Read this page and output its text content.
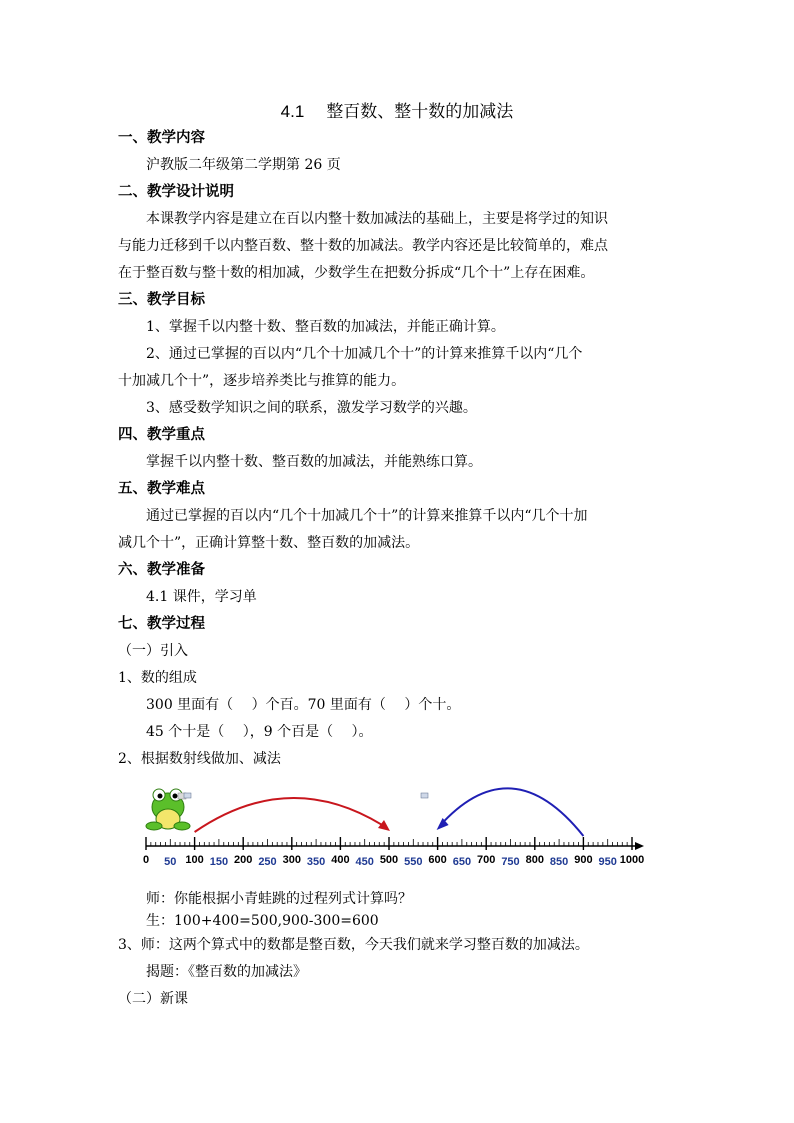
4.1 整百数、整十数的加减法
一、教学内容
沪教版二年级第二学期第 26 页
二、教学设计说明
本课教学内容是建立在百以内整十数加减法的基础上，主要是将学过的知识
与能力迁移到千以内整百数、整十数的加减法。教学内容还是比较简单的，难点
在于整百数与整十数的相加减，少数学生在把数分拆成“几个十”上存在困难。
三、教学目标
1、掌握千以内整十数、整百数的加减法，并能正确计算。
2、通过已掌握的百以内“几个十加减几个十”的计算来推算千以内“几个
十加减几个十”，逐步培养类比与推算的能力。
3、感受数学知识之间的联系，激发学习数学的兴趣。
四、教学重点
掌握千以内整十数、整百数的加减法，并能熟练口算。
五、教学难点
通过已掌握的百以内“几个十加减几个十”的计算来推算千以内“几个十加
减几个十”，正确计算整十数、整百数的加减法。
六、教学准备
4.1 课件，学习单
七、教学过程
（一）引入
1、数的组成
300 里面有（　 ）个百。70 里面有（　 ）个十。
45 个十是（　 ），9 个百是（　 ）。
2、根据数射线做加、减法
0	100	200	300	400	500	600	700	800	900 1000
50	150	250	350	450	550	650	750	850	950
师：你能根据小青蛙跳的过程列式计算吗？
生：100+400=500,900-300=600
3、师：这两个算式中的数都是整百数，今天我们就来学习整百数的加减法。
揭题：《整百数的加减法》
（二）新课
